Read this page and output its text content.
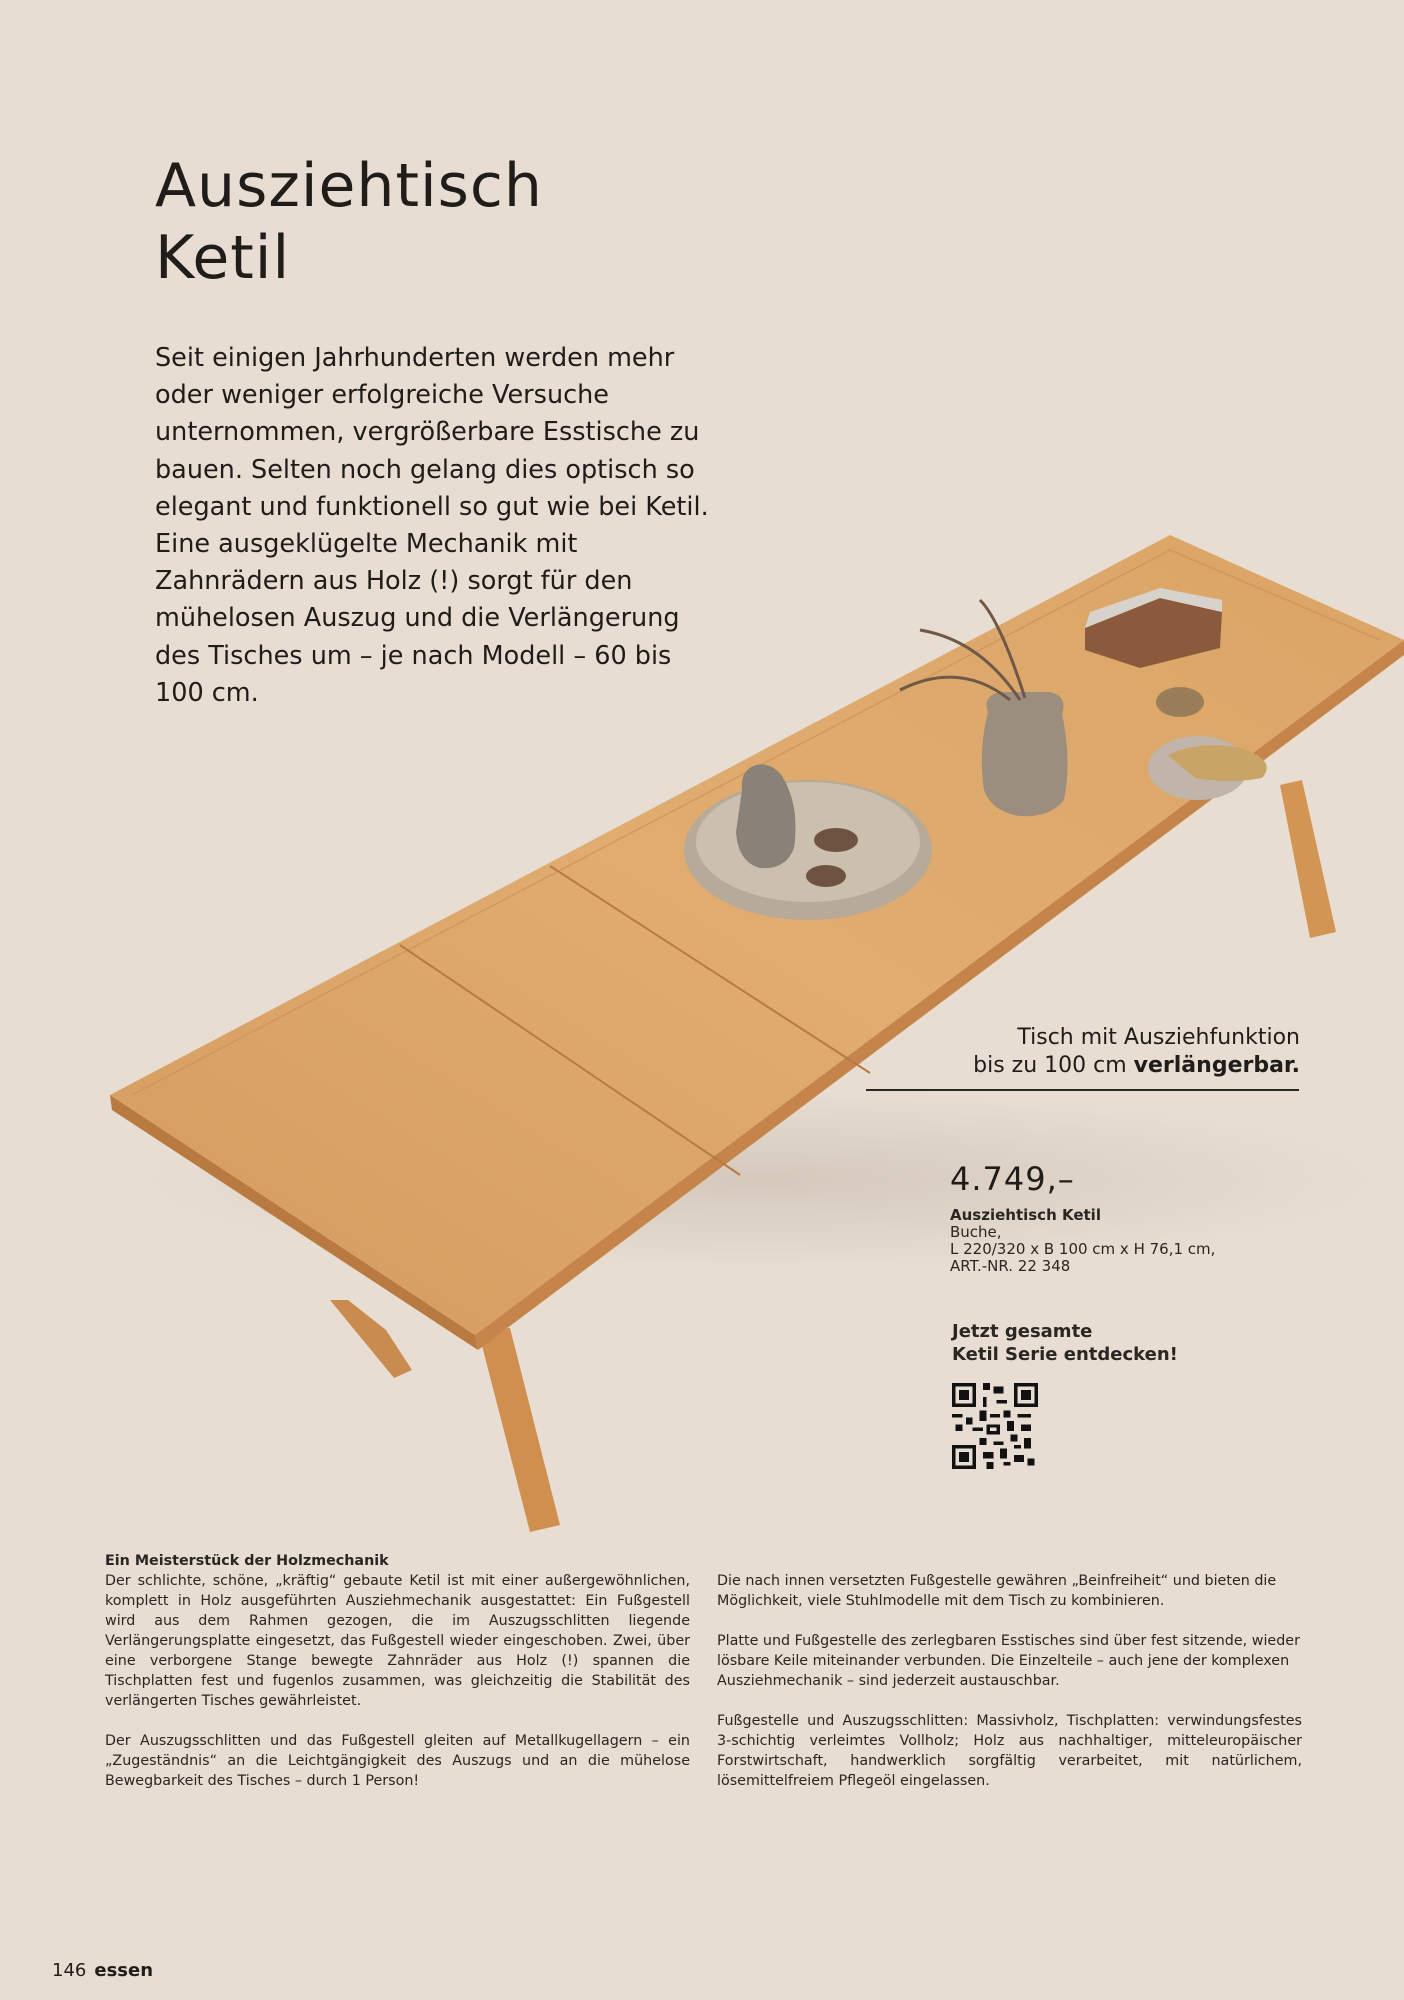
Ausziehtisch
Ketil

Seit einigen Jahrhunderten werden mehr oder weniger erfolgreiche Versuche unternommen, vergrößerbare Esstische zu bauen. Selten noch gelang dies optisch so elegant und funktionell so gut wie bei Ketil. Eine ausgeklügelte Mechanik mit Zahnrädern aus Holz (!) sorgt für den mühelosen Auszug und die Verlängerung des Tisches um – je nach Modell – 60 bis 100 cm.

Tisch mit Ausziehfunktion
bis zu 100 cm verlängerbar.
4.749,–
Ausziehtisch Ketil
Buche,
L 220/320 x B 100 cm x H 76,1 cm,
ART.-NR. 22 348
Jetzt gesamte
Ketil Serie entdecken!
Ein Meisterstück der Holzmechanik

Der schlichte, schöne, „kräftig“ gebaute Ketil ist mit einer außergewöhnlichen, komplett in Holz ausgeführten Ausziehmechanik ausgestattet: Ein Fußgestell wird aus dem Rahmen gezogen, die im Auszugsschlitten liegende Verlängerungsplatte eingesetzt, das Fußgestell wieder eingeschoben. Zwei, über eine verborgene Stange bewegte Zahnräder aus Holz (!) spannen die Tischplatten fest und fugenlos zusammen, was gleichzeitig die Stabilität des verlängerten Tisches gewährleistet.

Der Auszugsschlitten und das Fußgestell gleiten auf Metallkugellagern – ein „Zugeständnis“ an die Leichtgängigkeit des Auszugs und an die mühelose Bewegbarkeit des Tisches – durch 1 Person!

Die nach innen versetzten Fußgestelle gewähren „Beinfreiheit“ und bieten die Möglichkeit, viele Stuhlmodelle mit dem Tisch zu kombinieren.

Platte und Fußgestelle des zerlegbaren Esstisches sind über fest sitzende, wieder lösbare Keile miteinander verbunden. Die Einzelteile – auch jene der komplexen Ausziehmechanik – sind jederzeit austauschbar.

Fußgestelle und Auszugsschlitten: Massivholz, Tischplatten: verwindungsfestes 3-schichtig verleimtes Vollholz; Holz aus nachhaltiger, mitteleuropäischer Forstwirtschaft, handwerklich sorgfältig verarbeitet, mit natürlichem, lösemittelfreiem Pflegeöl eingelassen.

146 essen
